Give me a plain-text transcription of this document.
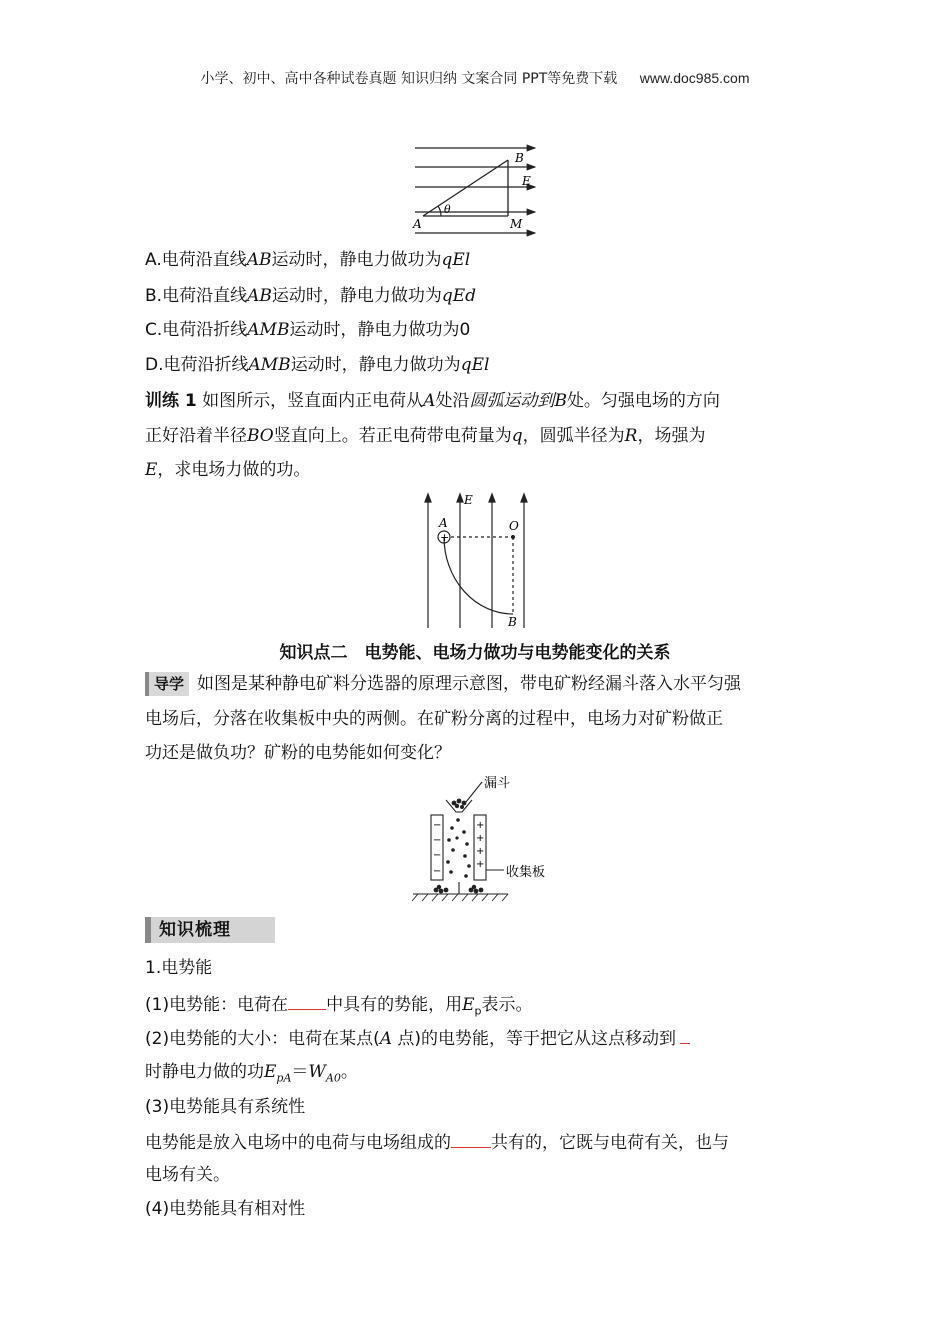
小学、初中、高中各种试卷真题 知识归纳 文案合同 PPT等免费下载 www.doc985.com
B
E
A	M
θ
A.电荷沿直线AB运动时，静电力做功为qEl
B.电荷沿直线AB运动时，静电力做功为qEd
C.电荷沿折线AMB运动时，静电力做功为0
D.电荷沿折线AMB运动时，静电力做功为qEl
训练 1 如图所示，竖直面内正电荷从A处沿圆弧运动到B处。匀强电场的方向
正好沿着半径BO竖直向上。若正电荷带电荷量为q，圆弧半径为R，场强为
E，求电场力做的功。
+
E
A	O
B
知识点二　电势能、电场力做功与电势能变化的关系
导学 如图是某种静电矿料分选器的原理示意图，带电矿粉经漏斗落入水平匀强
电场后，分落在收集板中央的两侧。在矿粉分离的过程中，电场力对矿粉做正
功还是做负功？矿粉的电势能如何变化？
−
−
−
−
+
+
+
+
漏斗
收集板
知识梳理
1.电势能
(1)电势能：电荷在 中具有的势能，用$E_p$表示。
(2)电势能的大小：电荷在某点(A 点)的电势能，等于把它从这点移动到
时静电力做的功$E_{pA}=W_{A0}$。
(3)电势能具有系统性
电势能是放入电场中的电荷与电场组成的 共有的，它既与电荷有关，也与
电场有关。
(4)电势能具有相对性
